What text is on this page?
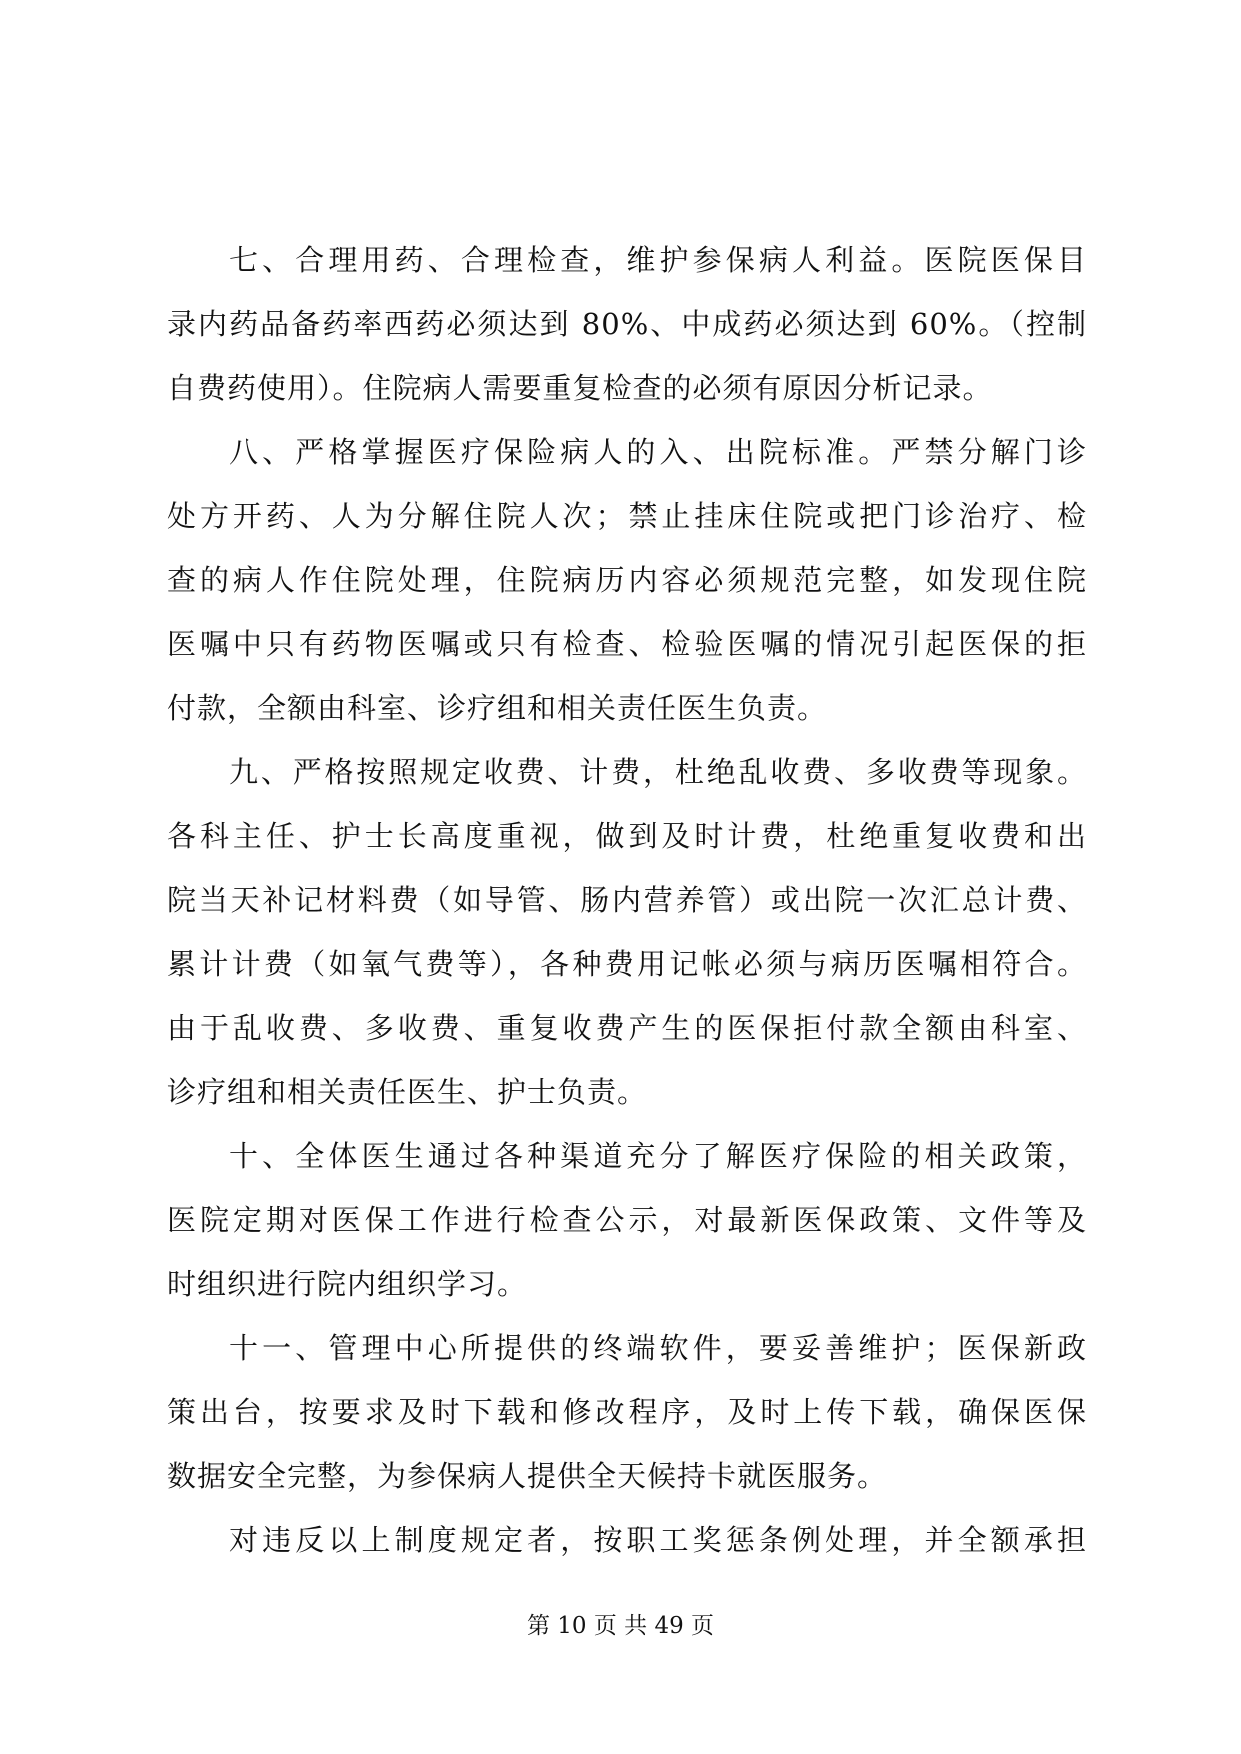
七、合理用药、合理检查，维护参保病人利益。医院医保目
录内药品备药率西药必须达到 80%、中成药必须达到 60%。（控制
自费药使用）。住院病人需要重复检查的必须有原因分析记录。
八、严格掌握医疗保险病人的入、出院标准。严禁分解门诊
处方开药、人为分解住院人次；禁止挂床住院或把门诊治疗、检
查的病人作住院处理，住院病历内容必须规范完整，如发现住院
医嘱中只有药物医嘱或只有检查、检验医嘱的情况引起医保的拒
付款，全额由科室、诊疗组和相关责任医生负责。
九、严格按照规定收费、计费，杜绝乱收费、多收费等现象。
各科主任、护士长高度重视，做到及时计费，杜绝重复收费和出
院当天补记材料费（如导管、肠内营养管）或出院一次汇总计费、
累计计费（如氧气费等），各种费用记帐必须与病历医嘱相符合。
由于乱收费、多收费、重复收费产生的医保拒付款全额由科室、
诊疗组和相关责任医生、护士负责。
十、全体医生通过各种渠道充分了解医疗保险的相关政策，
医院定期对医保工作进行检查公示，对最新医保政策、文件等及
时组织进行院内组织学习。
十一、管理中心所提供的终端软件，要妥善维护；医保新政
策出台，按要求及时下载和修改程序，及时上传下载，确保医保
数据安全完整，为参保病人提供全天候持卡就医服务。
对违反以上制度规定者，按职工奖惩条例处理，并全额承担
第 10 页 共 49 页
